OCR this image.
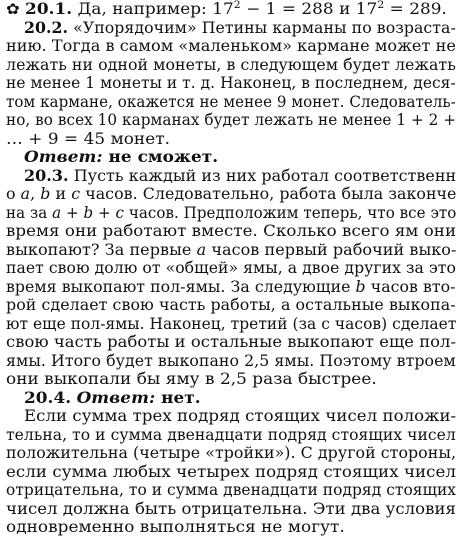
✿ 20.1. Да, например: $17^2 - 1 = 288$ и $17^2 = 289$.
20.2. «Упорядочим» Петины карманы по возраста-
нию. Тогда в самом «маленьком» кармане может не
лежать ни одной монеты, в следующем будет лежать
не менее 1 монеты и т. д. Наконец, в последнем, деся-
том кармане, окажется не менее 9 монет. Следователь-
но, во всех 10 карманах будет лежать не менее 1 + 2 +
… + 9 = 45 монет.
Ответ: не сможет.
20.3. Пусть каждый из них работал соответственн
о a, b и c часов. Следовательно, работа была законче
на за a + b + c часов. Предположим теперь, что все это
время они работают вместе. Сколько всего ям они
выкопают? За первые a часов первый рабочий выко-
пает свою долю от «общей» ямы, а двое других за это
время выкопают пол-ямы. За следующие b часов вто-
рой сделает свою часть работы, а остальные выкопа-
ют еще пол-ямы. Наконец, третий (за c часов) сделает
свою часть работы и остальные выкопают еще пол-
ямы. Итого будет выкопано 2,5 ямы. Поэтому втроем
они выкопали бы яму в 2,5 раза быстрее.
20.4. Ответ: нет.
Если сумма трех подряд стоящих чисел положи-
тельна, то и сумма двенадцати подряд стоящих чисел
положительна (четыре «тройки»). С другой стороны,
если сумма любых четырех подряд стоящих чисел
отрицательна, то и сумма двенадцати подряд стоящих
чисел должна быть отрицательна. Эти два условия
одновременно выполняться не могут.
